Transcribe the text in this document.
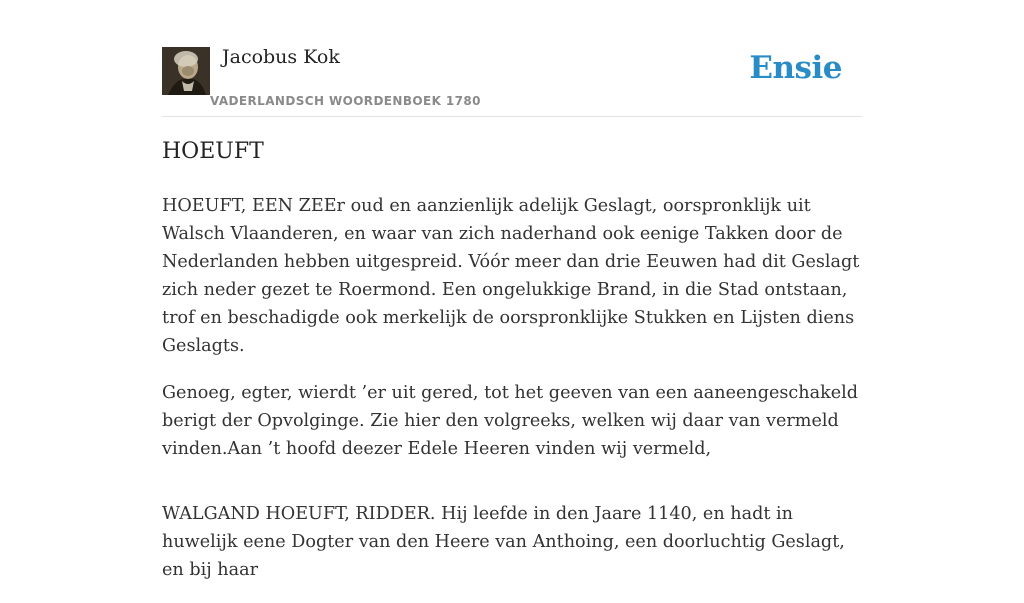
Jacobus Kok
VADERLANDSCH WOORDENBOEK 1780
Ensie
HOEUFT

HOEUFT, EEN ZEEr oud en aanzienlijk adelijk Geslagt, oorspronklijk uit Walsch Vlaanderen, en waar van zich naderhand ook eenige Takken door de Nederlanden hebben uitgespreid. Vóór meer dan drie Eeuwen had dit Geslagt zich neder gezet te Roermond. Een ongelukkige Brand, in die Stad ontstaan, trof en beschadigde ook merkelijk de oorspronklijke Stukken en Lijsten diens Geslagts.

Genoeg, egter, wierdt ’er uit gered, tot het geeven van een aaneengeschakeld berigt der Opvolginge. Zie hier den volgreeks, welken wij daar van vermeld vinden.Aan ’t hoofd deezer Edele Heeren vinden wij vermeld,

WALGAND HOEUFT, RIDDER. Hij leefde in den Jaare 1140, en hadt in huwelijk eene Dogter van den Heere van Anthoing, een doorluchtig Geslagt, en bij haar
